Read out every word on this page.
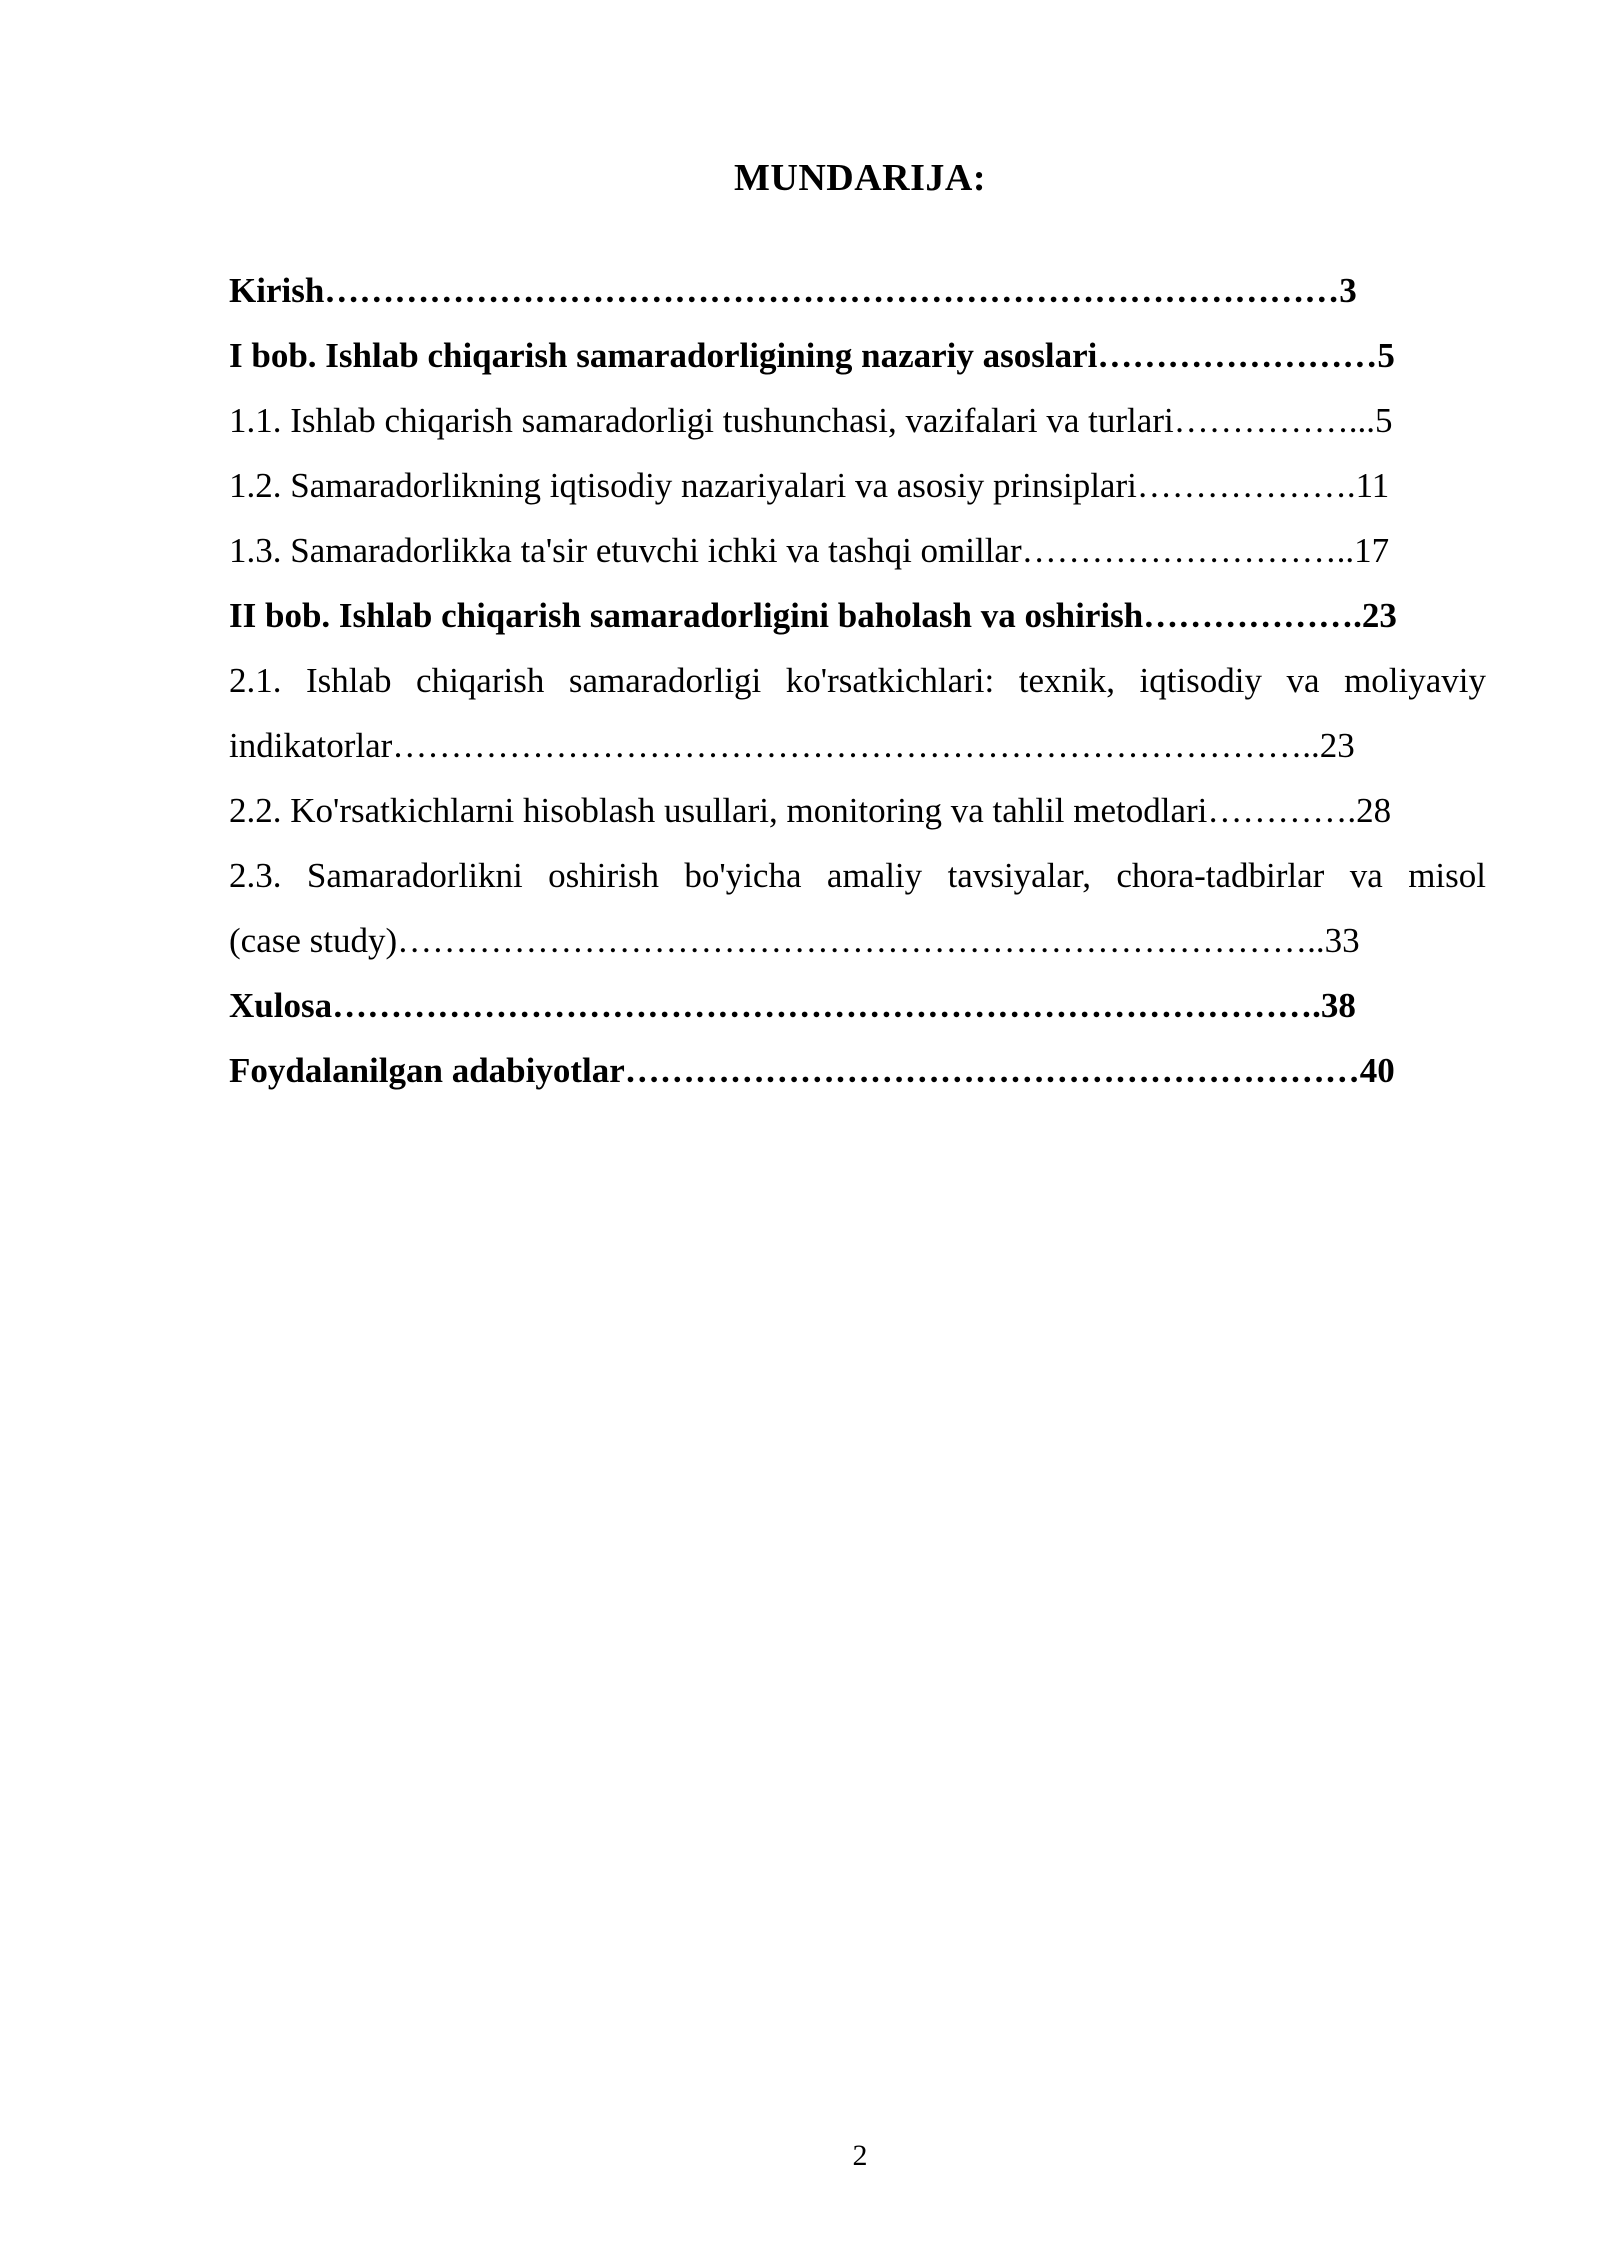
MUNDARIJA:
Kirish……………………………………………………………………………3
I bob. Ishlab chiqarish samaradorligining nazariy asoslari……………………5
1.1. Ishlab chiqarish samaradorligi tushunchasi, vazifalari va turlari……………...5
1.2. Samaradorlikning iqtisodiy nazariyalari va asosiy prinsiplari……………….11
1.3. Samaradorlikka ta'sir etuvchi ichki va tashqi omillar………………………..17
II bob. Ishlab chiqarish samaradorligini baholash va oshirish……………….23
2.1. Ishlab chiqarish samaradorligi ko'rsatkichlari: texnik, iqtisodiy va moliyaviy
indikatorlar……………………………………………………………………..23
2.2. Ko'rsatkichlarni hisoblash usullari, monitoring va tahlil metodlari………….28
2.3. Samaradorlikni oshirish bo'yicha amaliy tavsiyalar, chora-tadbirlar va misol
(case study)……………………………………………………………………..33
Xulosa………………………………………………………………………….38
Foydalanilgan adabiyotlar………………………………………………………40
2
